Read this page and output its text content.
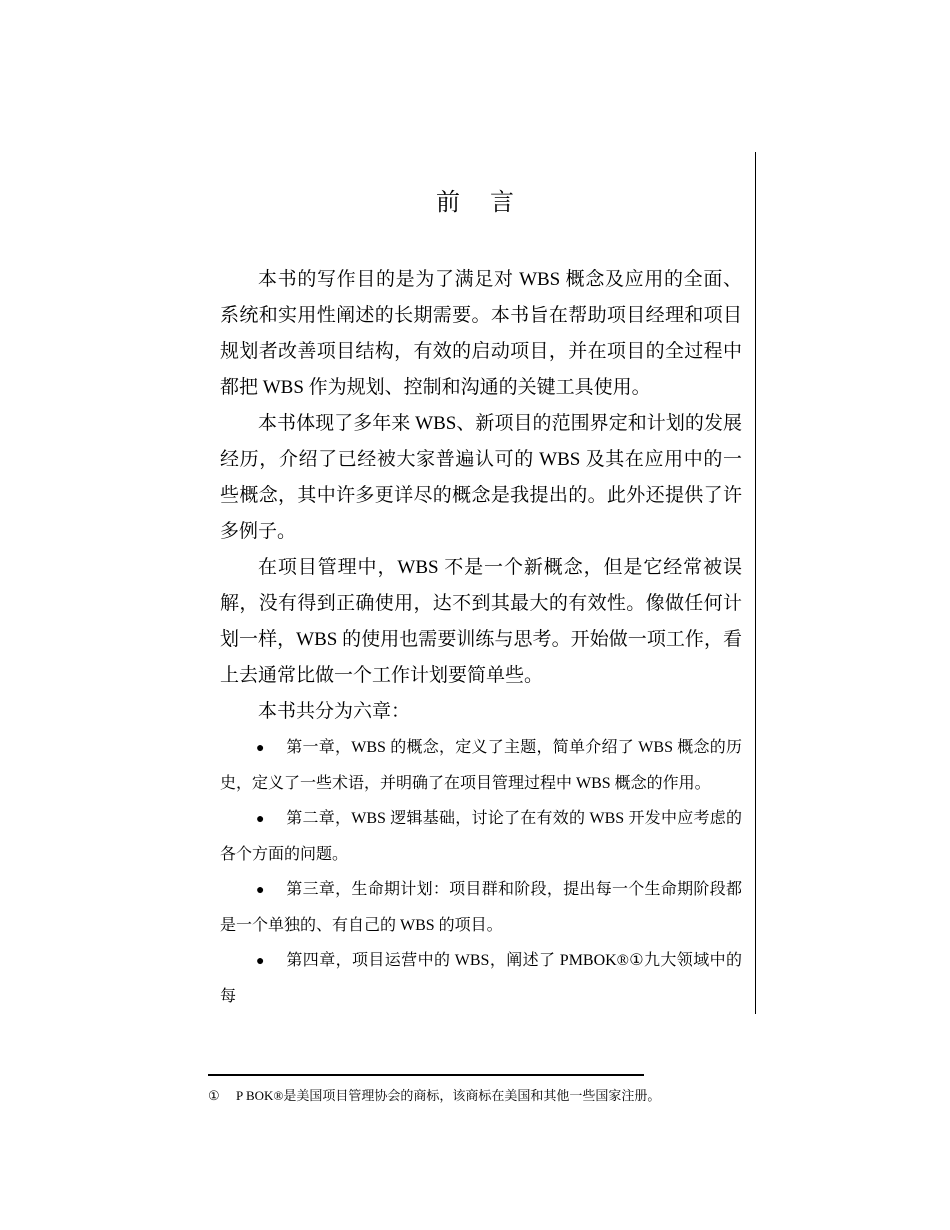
前 言

本书的写作目的是为了满足对 WBS 概念及应用的全面、系统和实用性阐述的长期需要。本书旨在帮助项目经理和项目规划者改善项目结构，有效的启动项目，并在项目的全过程中都把 WBS 作为规划、控制和沟通的关键工具使用。

本书体现了多年来 WBS、新项目的范围界定和计划的发展经历，介绍了已经被大家普遍认可的 WBS 及其在应用中的一些概念，其中许多更详尽的概念是我提出的。此外还提供了许多例子。

在项目管理中，WBS 不是一个新概念，但是它经常被误解，没有得到正确使用，达不到其最大的有效性。像做任何计划一样，WBS 的使用也需要训练与思考。开始做一项工作，看上去通常比做一个工作计划要简单些。

本书共分为六章：

● 第一章，WBS 的概念，定义了主题，简单介绍了 WBS 概念的历史，定义了一些术语，并明确了在项目管理过程中 WBS 概念的作用。
● 第二章，WBS 逻辑基础，讨论了在有效的 WBS 开发中应考虑的各个方面的问题。
● 第三章，生命期计划：项目群和阶段，提出每一个生命期阶段都是一个单独的、有自己的 WBS 的项目。
● 第四章，项目运营中的 WBS，阐述了 PMBOK®①九大领域中的每
① P BOK®是美国项目管理协会的商标，该商标在美国和其他一些国家注册。
